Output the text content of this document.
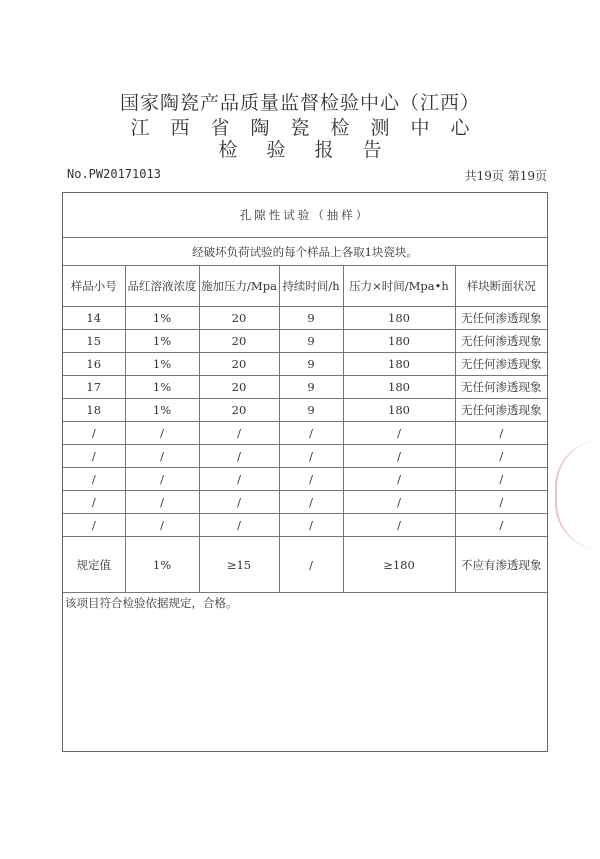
国家陶瓷产品质量监督检验中心（江西）
江西省陶瓷检测中心
检验报告
No.PW20171013	共19页 第19页
孔隙性试验（抽样）					
经破坏负荷试验的每个样品上各取1块瓷块。					
样品小号	品红溶液浓度	施加压力/Mpa	持续时间/h	压力×时间/Mpa•h	样块断面状况
14	1%	20	9	180	无任何渗透现象
15	1%	20	9	180	无任何渗透现象
16	1%	20	9	180	无任何渗透现象
17	1%	20	9	180	无任何渗透现象
18	1%	20	9	180	无任何渗透现象
/	/	/	/	/	/
/	/	/	/	/	/
/	/	/	/	/	/
/	/	/	/	/	/
/	/	/	/	/	/
规定值	1%	≥15	/	≥180	不应有渗透现象
该项目符合检验依据规定，合格。					
